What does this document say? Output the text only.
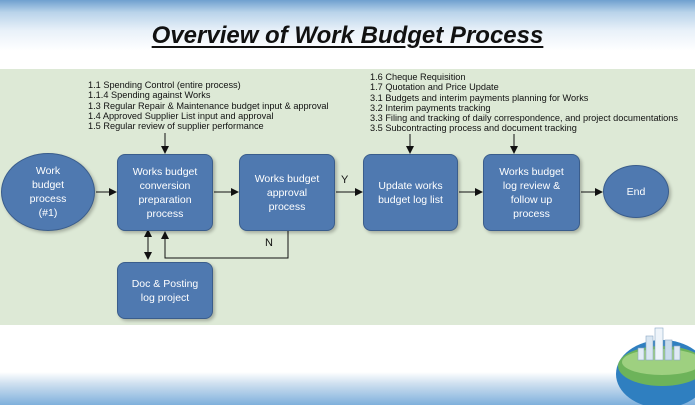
Overview of Work Budget Process
1.1 Spending Control (entire process)
1.1.4 Spending against Works
1.3 Regular Repair & Maintenance budget input & approval
1.4 Approved Supplier List input and approval
1.5 Regular review of supplier performance
1.6 Cheque Requisition
1.7 Quotation and Price Update
3.1 Budgets and interim payments planning for Works
3.2 Interim payments tracking
3.3 Filing and tracking of daily correspondence, and project documentations
3.5 Subcontracting process and document tracking
Work budget process (#1)
Works budget conversion preparation process
Works budget approval process
Update works budget log list
Works budget log review & follow up process
End
Doc & Posting log project
Y
N
